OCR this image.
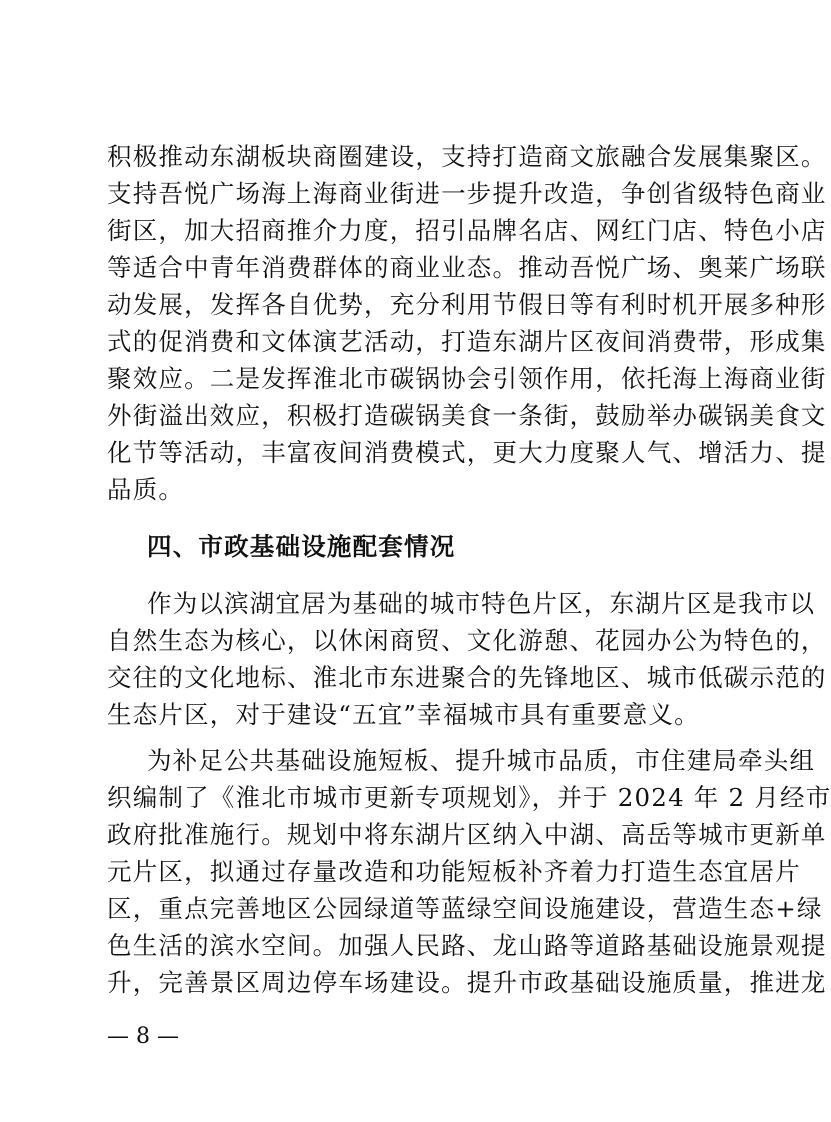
积极推动东湖板块商圈建设，支持打造商文旅融合发展集聚区。
支持吾悦广场海上海商业街进一步提升改造，争创省级特色商业
街区，加大招商推介力度，招引品牌名店、网红门店、特色小店
等适合中青年消费群体的商业业态。推动吾悦广场、奥莱广场联
动发展，发挥各自优势，充分利用节假日等有利时机开展多种形
式的促消费和文体演艺活动，打造东湖片区夜间消费带，形成集
聚效应。二是发挥淮北市碳锅协会引领作用，依托海上海商业街
外街溢出效应，积极打造碳锅美食一条街，鼓励举办碳锅美食文
化节等活动，丰富夜间消费模式，更大力度聚人气、增活力、提
品质。
四、市政基础设施配套情况
作为以滨湖宜居为基础的城市特色片区，东湖片区是我市以
自然生态为核心，以休闲商贸、文化游憩、花园办公为特色的，
交往的文化地标、淮北市东进聚合的先锋地区、城市低碳示范的
生态片区，对于建设“五宜”幸福城市具有重要意义。
为补足公共基础设施短板、提升城市品质，市住建局牵头组
织编制了《淮北市城市更新专项规划》，并于 2024 年 2 月经市
政府批准施行。规划中将东湖片区纳入中湖、高岳等城市更新单
元片区，拟通过存量改造和功能短板补齐着力打造生态宜居片
区，重点完善地区公园绿道等蓝绿空间设施建设，营造生态+绿
色生活的滨水空间。加强人民路、龙山路等道路基础设施景观提
升，完善景区周边停车场建设。提升市政基础设施质量，推进龙
— 8 —
